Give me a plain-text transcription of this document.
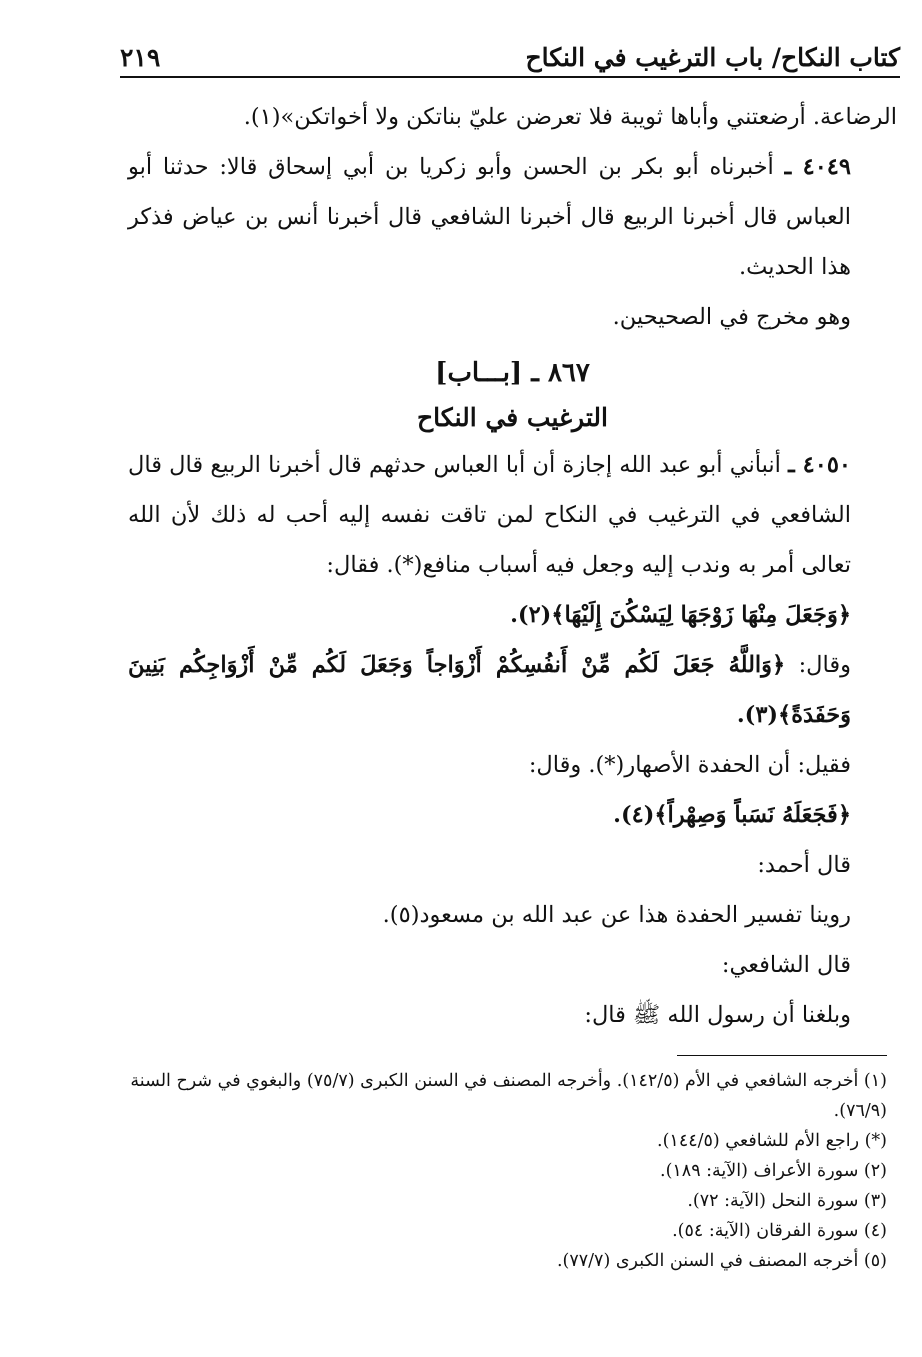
كتاب النكاح/ باب الترغيب في النكاح
٢١٩

الرضاعة. أرضعتني وأباها ثويبة فلا تعرضن عليّ بناتكن ولا أخواتكن»(١).

٤٠٤٩ ـ أخبرناه أبو بكر بن الحسن وأبو زكريا بن أبي إسحاق قالا: حدثنا أبو العباس قال أخبرنا الربيع قال أخبرنا الشافعي قال أخبرنا أنس بن عياض فذكر هذا الحديث.

وهو مخرج في الصحيحين.

٨٦٧ ـ [بـــاب]
الترغيب في النكاح

٤٠٥٠ ـ أنبأني أبو عبد الله إجازة أن أبا العباس حدثهم قال أخبرنا الربيع قال قال الشافعي في الترغيب في النكاح لمن تاقت نفسه إليه أحب له ذلك لأن الله تعالى أمر به وندب إليه وجعل فيه أسباب منافع(*). فقال:

﴿وَجَعَلَ مِنْهَا زَوْجَهَا لِيَسْكُنَ إِلَيْهَا﴾(٢).

وقال: ﴿وَاللَّهُ جَعَلَ لَكُم مِّنْ أَنفُسِكُمْ أَزْوَاجاً وَجَعَلَ لَكُم مِّنْ أَزْوَاجِكُم بَنِينَ وَحَفَدَةً﴾(٣).

فقيل: أن الحفدة الأصهار(*). وقال:

﴿فَجَعَلَهُ نَسَباً وَصِهْراً﴾(٤).

قال أحمد:

روينا تفسير الحفدة هذا عن عبد الله بن مسعود(٥).

قال الشافعي:

وبلغنا أن رسول الله ﷺ قال:

(١) أخرجه الشافعي في الأم (١٤٢/٥). وأخرجه المصنف في السنن الكبرى (٧٥/٧) والبغوي في شرح السنة (٧٦/٩).

(*) راجع الأم للشافعي (١٤٤/٥).

(٢) سورة الأعراف (الآية: ١٨٩).

(٣) سورة النحل (الآية: ٧٢).

(٤) سورة الفرقان (الآية: ٥٤).

(٥) أخرجه المصنف في السنن الكبرى (٧٧/٧).
